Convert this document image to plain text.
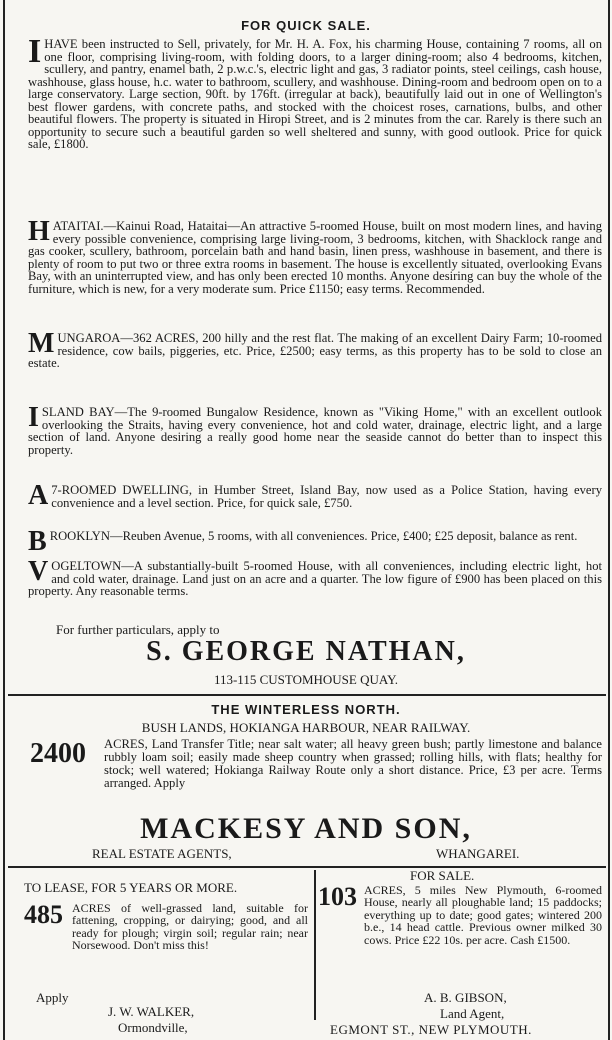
FOR QUICK SALE.

IHAVE been instructed to Sell, privately, for Mr. H. A. Fox, his charming House, containing 7 rooms, all on one floor, comprising living-room, with folding doors, to a larger dining-room; also 4 bedrooms, kitchen, scullery, and pantry, enamel bath, 2 p.w.c.'s, electric light and gas, 3 radiator points, steel ceilings, cash house, washhouse, glass house, h.c. water to bathroom, scullery, and washhouse. Dining-room and bedroom open on to a large conservatory. Large section, 90ft. by 176ft. (irregular at back), beautifully laid out in one of Wellington's best flower gardens, with concrete paths, and stocked with the choicest roses, carnations, bulbs, and other beautiful flowers. The property is situated in Hiropi Street, and is 2 minutes from the car. Rarely is there such an opportunity to secure such a beautiful garden so well sheltered and sunny, with good outlook. Price for quick sale, £1800.

HATAITAI.—Kainui Road, Hataitai—An attractive 5-roomed House, built on most modern lines, and having every possible convenience, comprising large living-room, 3 bedrooms, kitchen, with Shacklock range and gas cooker, scullery, bathroom, porcelain bath and hand basin, linen press, washhouse in basement, and there is plenty of room to put two or three extra rooms in basement. The house is excellently situated, overlooking Evans Bay, with an uninterrupted view, and has only been erected 10 months. Anyone desiring can buy the whole of the furniture, which is new, for a very moderate sum. Price £1150; easy terms. Recommended.

MUNGAROA—362 ACRES, 200 hilly and the rest flat. The making of an excellent Dairy Farm; 10-roomed residence, cow bails, piggeries, etc. Price, £2500; easy terms, as this property has to be sold to close an estate.

ISLAND BAY—The 9-roomed Bungalow Residence, known as "Viking Home," with an excellent outlook overlooking the Straits, having every convenience, hot and cold water, drainage, electric light, and a large section of land. Anyone desiring a really good home near the seaside cannot do better than to inspect this property.

A 7-ROOMED DWELLING, in Humber Street, Island Bay, now used as a Police Station, having every convenience and a level section. Price, for quick sale, £750.

BROOKLYN—Reuben Avenue, 5 rooms, with all conveniences. Price, £400; £25 deposit, balance as rent.

VOGELTOWN—A substantially-built 5-roomed House, with all conveniences, including electric light, hot and cold water, drainage. Land just on an acre and a quarter. The low figure of £900 has been placed on this property. Any reasonable terms.

For further particulars, apply to
S. GEORGE NATHAN,
113-115 CUSTOMHOUSE QUAY.
THE WINTERLESS NORTH.
BUSH LANDS, HOKIANGA HARBOUR, NEAR RAILWAY.
2400 ACRES, Land Transfer Title; near salt water; all heavy green bush; partly limestone and balance rubbly loam soil; easily made sheep country when grassed; rolling hills, with flats; healthy for stock; well watered; Hokianga Railway Route only a short distance. Price, £3 per acre. Terms arranged. Apply

MACKESY AND SON,
REAL ESTATE AGENTS,	WHANGAREI.
TO LEASE, FOR 5 YEARS OR MORE.
485 ACRES of well-grassed land, suitable for fattening, cropping, or dairying; good, and all ready for plough; virgin soil; regular rain; near Norsewood. Don't miss this!

Apply
J. W. WALKER,
Ormondville,
FOR SALE.
103 ACRES, 5 miles New Plymouth, 6-roomed House, nearly all ploughable land; 15 paddocks; everything up to date; good gates; wintered 200 b.e., 14 head cattle. Previous owner milked 30 cows. Price £22 10s. per acre. Cash £1500.

A. B. GIBSON,
Land Agent,
EGMONT ST., NEW PLYMOUTH.
